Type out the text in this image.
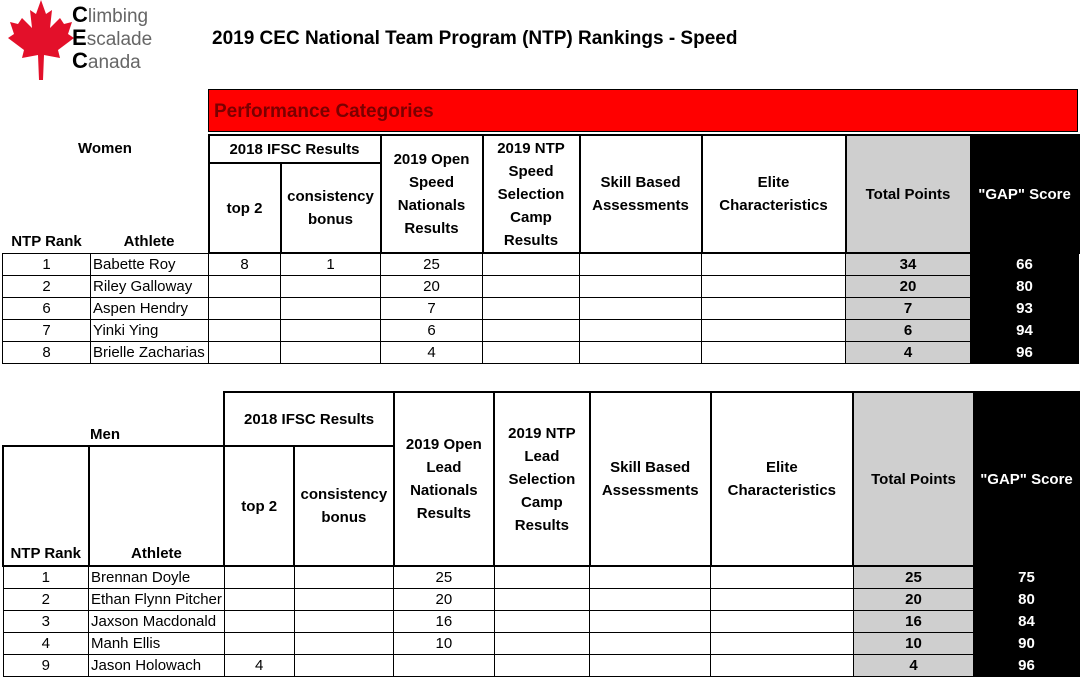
Climbing
Escalade
Canada
2019 CEC National Team Program (NTP) Rankings - Speed
Performance Categories
Women
		2018 IFSC Results		2019 Open Speed Nationals Results	2019 NTP Speed Selection Camp Results	Skill Based Assessments	Elite Characteristics	Total Points	"GAP" Score
		top 2	consistency bonus						
NTP Rank	Athlete								
1	Babette Roy	8	1	25				34	66
2	Riley Galloway			20				20	80
6	Aspen Hendry			7				7	93
7	Yinki Ying			6				6	94
8	Brielle Zacharias			4				4	96
Men
		2018 IFSC Results		2019 Open Lead Nationals Results	2019 NTP Lead Selection Camp Results	Skill Based Assessments	Elite Characteristics	Total Points	"GAP" Score
NTP Rank	Athlete	top 2	consistency bonus						
1	Brennan Doyle			25				25	75
2	Ethan Flynn Pitcher			20				20	80
3	Jaxson Macdonald			16				16	84
4	Manh Ellis			10				10	90
9	Jason Holowach	4						4	96
